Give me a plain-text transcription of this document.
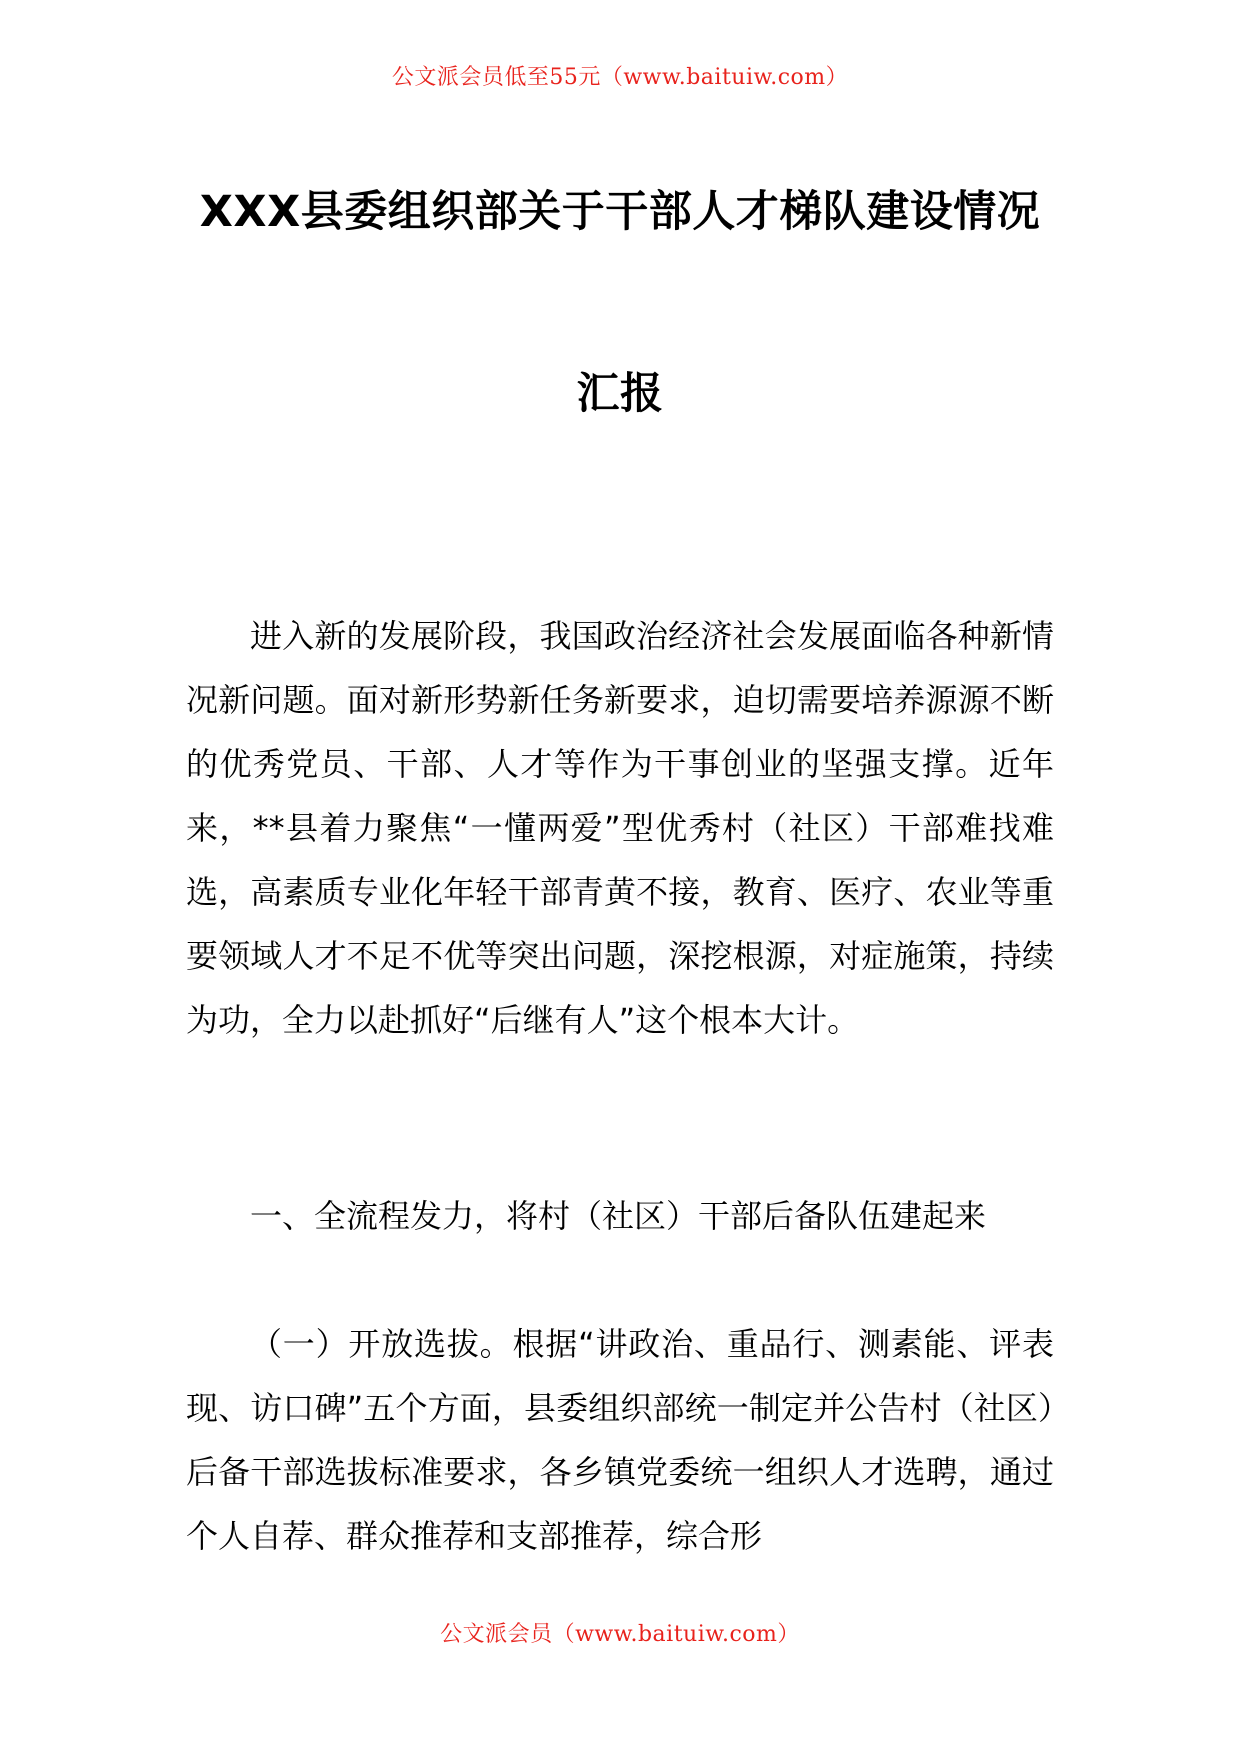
公文派会员低至55元（www.baituiw.com）
XXX县委组织部关于干部人才梯队建设情况
汇报
进入新的发展阶段，我国政治经济社会发展面临各种新情况新问题。面对新形势新任务新要求，迫切需要培养源源不断的优秀党员、干部、人才等作为干事创业的坚强支撑。近年来，**县着力聚焦“一懂两爱”型优秀村（社区）干部难找难选，高素质专业化年轻干部青黄不接，教育、医疗、农业等重要领域人才不足不优等突出问题，深挖根源，对症施策，持续为功，全力以赴抓好“后继有人”这个根本大计。
一、全流程发力，将村（社区）干部后备队伍建起来
（一）开放选拔。根据“讲政治、重品行、测素能、评表现、访口碑”五个方面，县委组织部统一制定并公告村（社区）后备干部选拔标准要求，各乡镇党委统一组织人才选聘，通过个人自荐、群众推荐和支部推荐，综合形
公文派会员（www.baituiw.com）
